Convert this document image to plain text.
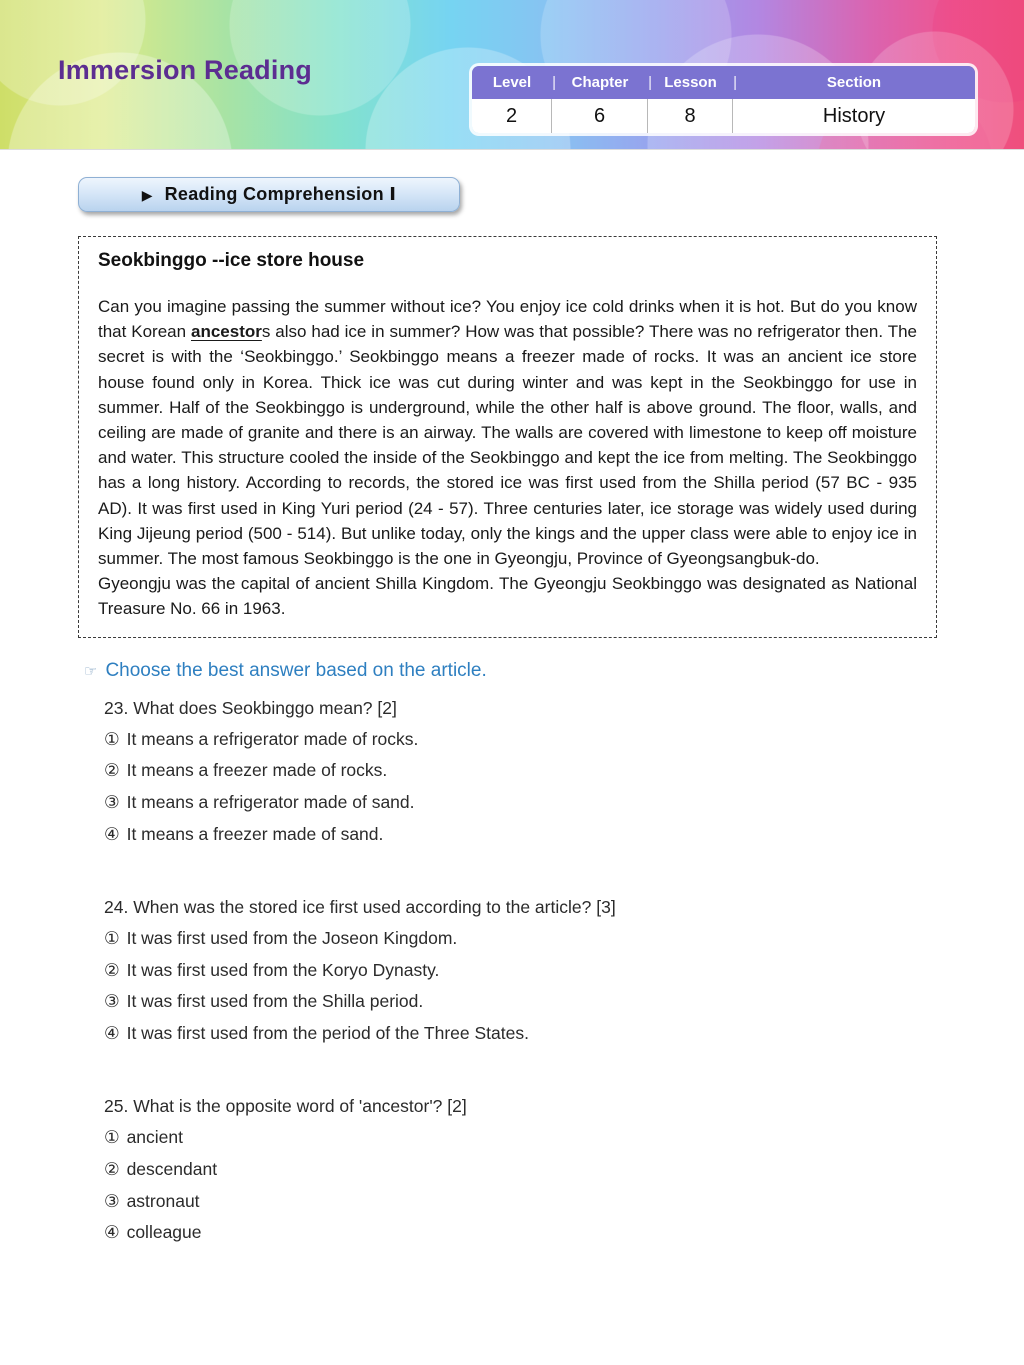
Immersion Reading	Level |	Chapter |	Lesson |	Section
2	6	8	History
▶ Reading Comprehension Ⅰ
Seokbinggo --ice store house

Can you imagine passing the summer without ice? You enjoy ice cold drinks when it is hot. But do you know that Korean ancestors also had ice in summer? How was that possible? There was no refrigerator then. The secret is with the ‘Seokbinggo.’ Seokbinggo means a freezer made of rocks. It was an ancient ice store house found only in Korea. Thick ice was cut during winter and was kept in the Seokbinggo for use in summer. Half of the Seokbinggo is underground, while the other half is above ground. The floor, walls, and ceiling are made of granite and there is an airway. The walls are covered with limestone to keep off moisture and water. This structure cooled the inside of the Seokbinggo and kept the ice from melting. The Seokbinggo has a long history. According to records, the stored ice was first used from the Shilla period (57 BC - 935 AD). It was first used in King Yuri period (24 - 57). Three centuries later, ice storage was widely used during King Jijeung period (500 - 514). But unlike today, only the kings and the upper class were able to enjoy ice in summer. The most famous Seokbinggo is the one in Gyeongju, Province of Gyeongsangbuk-do.

Gyeongju was the capital of ancient Shilla Kingdom. The Gyeongju Seokbinggo was designated as National Treasure No. 66 in 1963.

☞ Choose the best answer based on the article.
23. What does Seokbinggo mean? [2]
① It means a refrigerator made of rocks.
② It means a freezer made of rocks.
③ It means a refrigerator made of sand.
④ It means a freezer made of sand.
24. When was the stored ice first used according to the article? [3]
① It was first used from the Joseon Kingdom.
② It was first used from the Koryo Dynasty.
③ It was first used from the Shilla period.
④ It was first used from the period of the Three States.
25. What is the opposite word of 'ancestor'? [2]
① ancient
② descendant
③ astronaut
④ colleague
